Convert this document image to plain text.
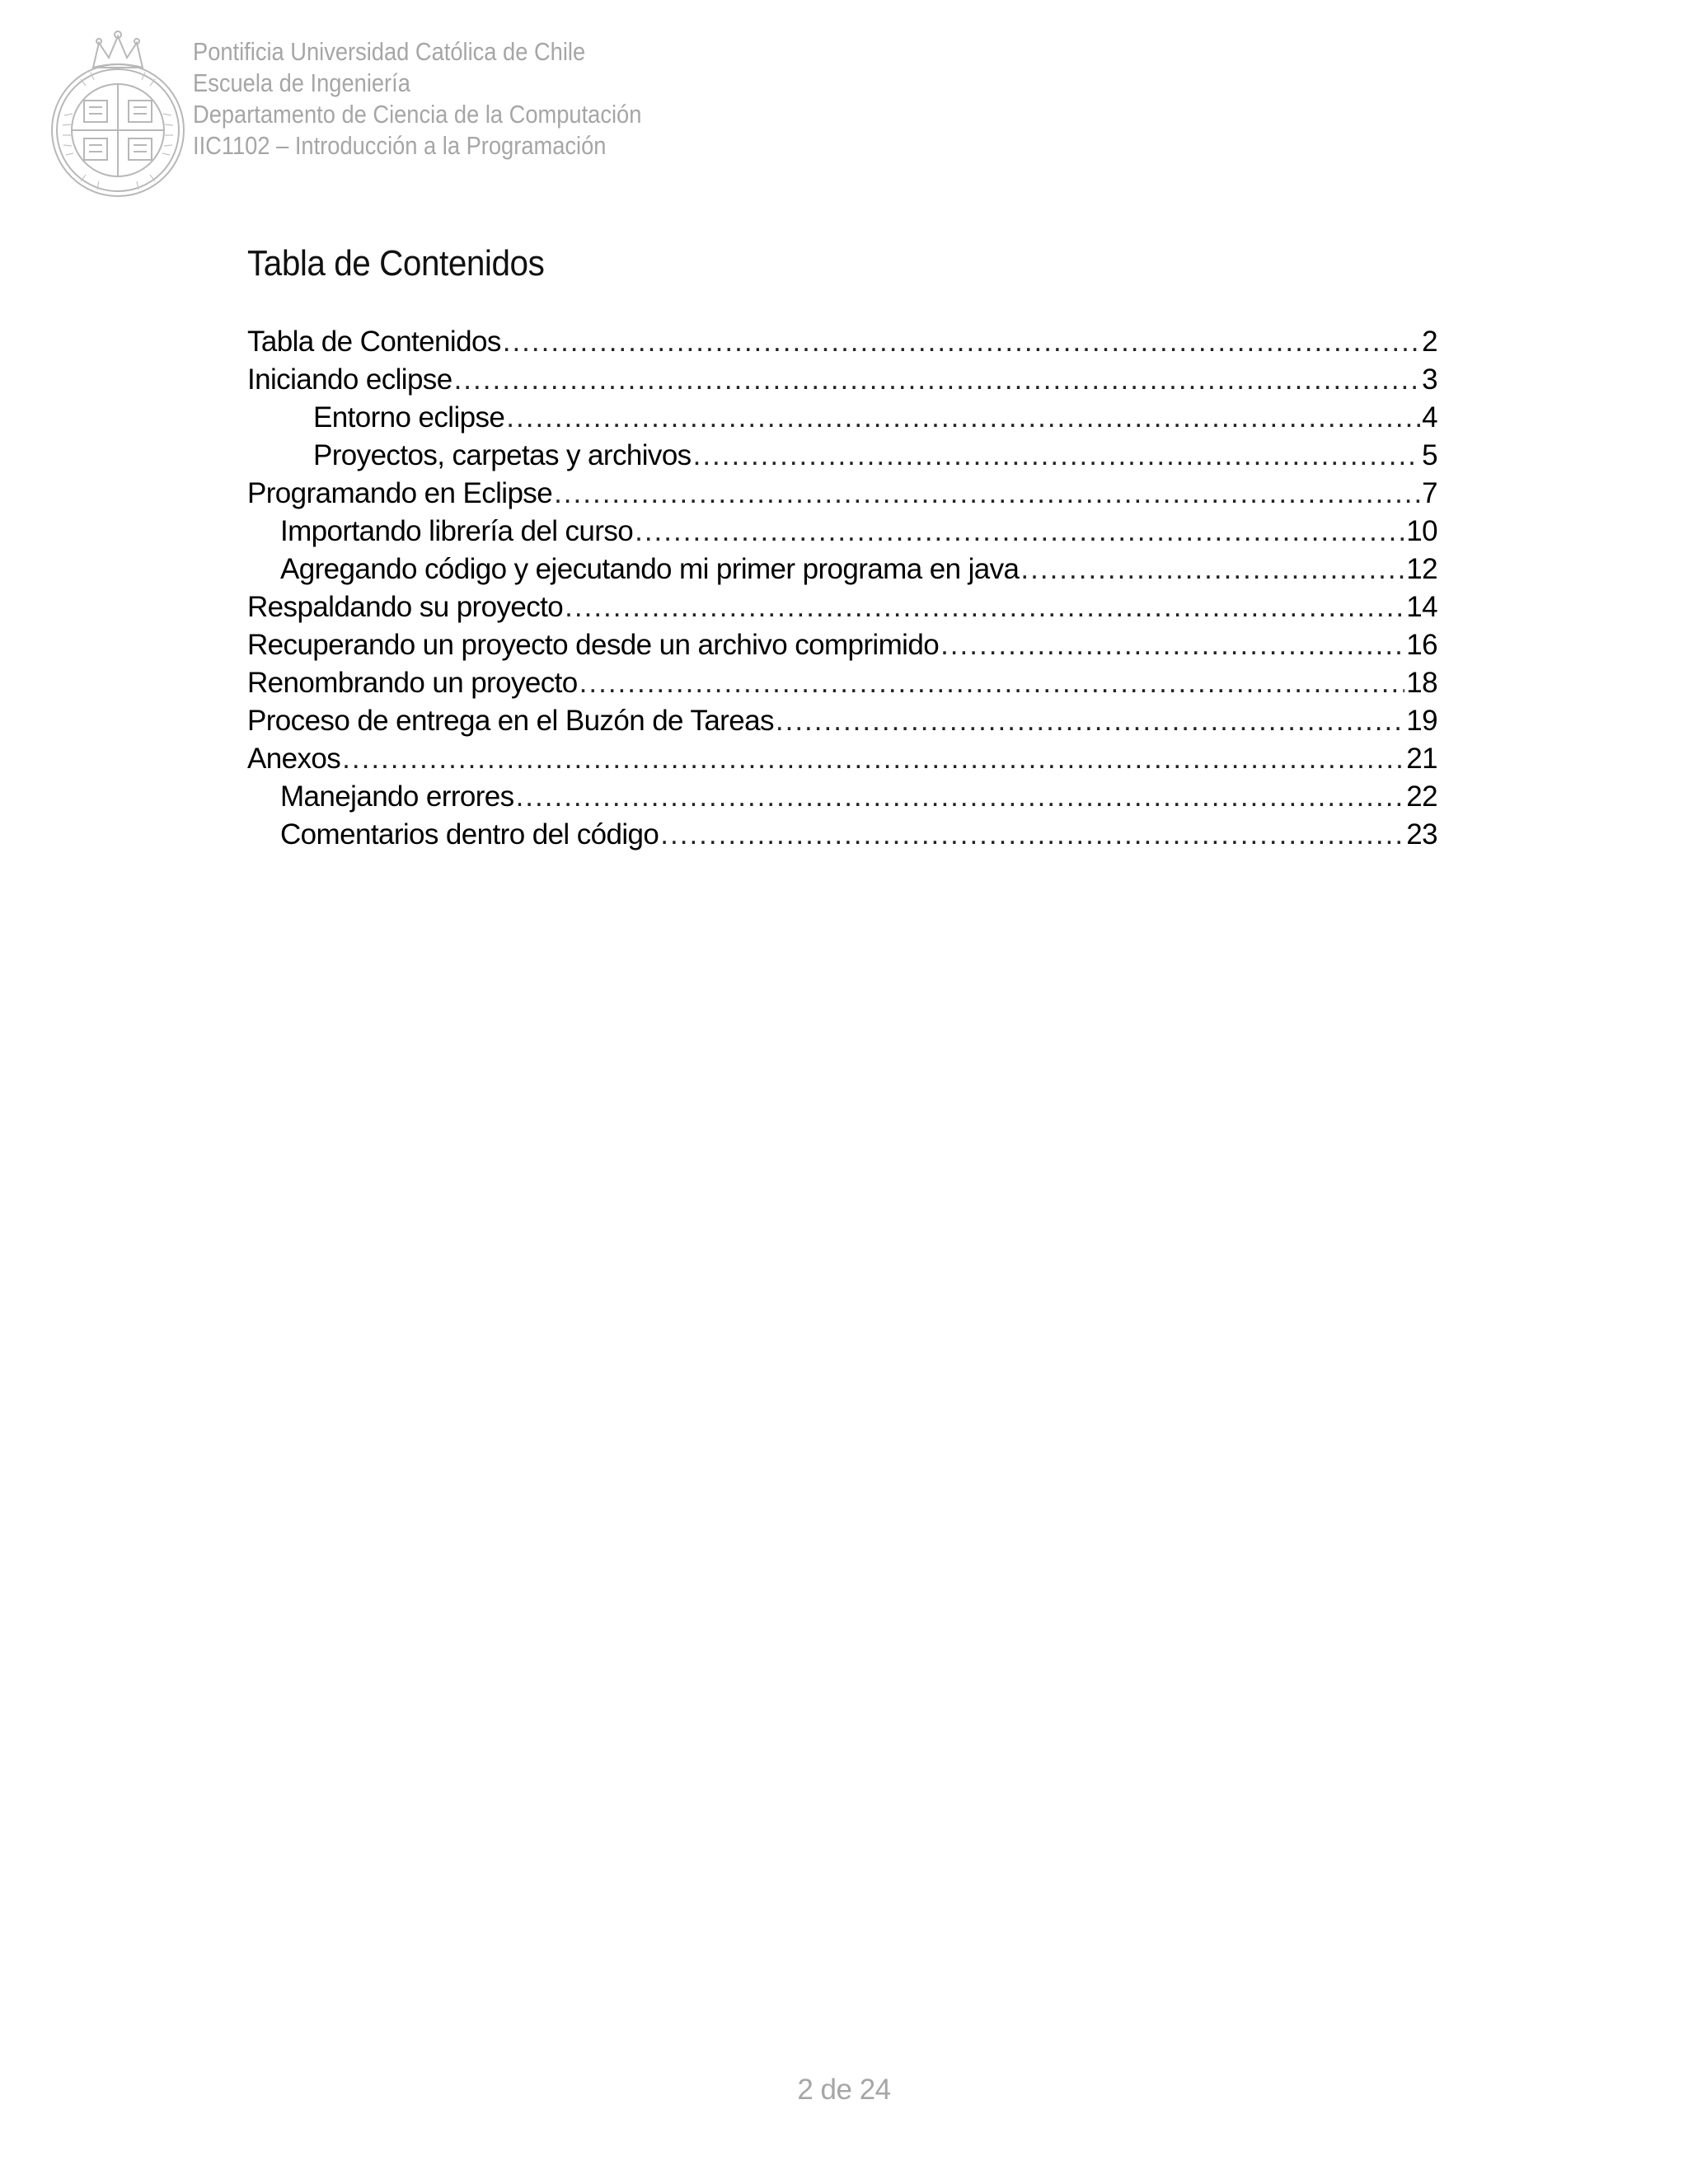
Pontificia Universidad Católica de Chile
Escuela de Ingeniería
Departamento de Ciencia de la Computación
IIC1102 – Introducción a la Programación
Tabla de Contenidos
Tabla de Contenidos .....	2
Iniciando eclipse .....	3
Entorno eclipse .....	4
Proyectos, carpetas y archivos .....	5
Programando en Eclipse .....	7
Importando librería del curso .....	10
Agregando código y ejecutando mi primer programa en java .....	12
Respaldando su proyecto .....	14
Recuperando un proyecto desde un archivo comprimido .....	16
Renombrando un proyecto .....	18
Proceso de entrega en el Buzón de Tareas .....	19
Anexos .....	21
Manejando errores .....	22
Comentarios dentro del código .....	23
2 de 24
